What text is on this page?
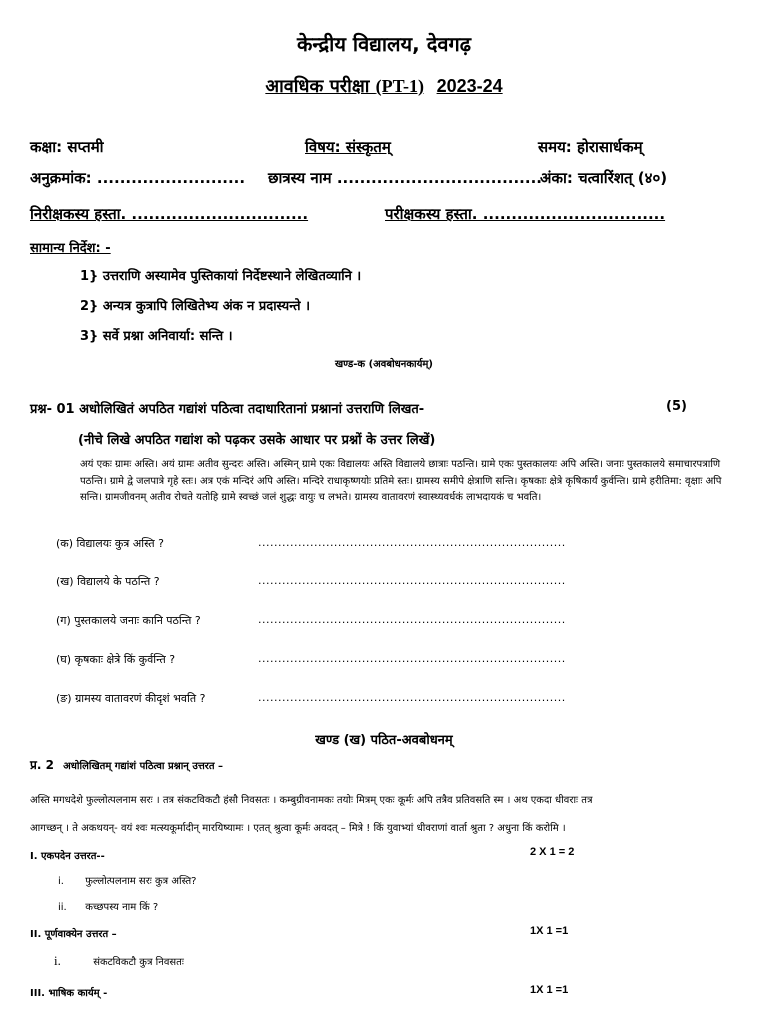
केन्द्रीय विद्यालय, देवगढ़
आवधिक परीक्षा (PT-1) 2023-24
कक्षा: सप्तमी	विषय: संस्कृतम्	समय: होरासार्धकम्
अनुक्रमांक: .......................... छात्रस्य नाम ....................................
अंका: चत्वारिंशत् (४०)
निरीक्षकस्य हस्ता. ...............................	परीक्षकस्य हस्ता. ................................
सामान्य निर्देश: -
1} उत्तराणि अस्यामेव पुस्तिकायां निर्देष्टस्थाने लेखितव्यानि ।
2} अन्यत्र कुत्रापि लिखितेभ्य अंक न प्रदास्यन्ते ।
3} सर्वे प्रश्ना अनिवार्या: सन्ति ।
खण्ड-क (अवबोधनकार्यम्)
प्रश्न- 01 अधोलिखितं अपठित गद्यांशं पठित्वा तदाधारितानां प्रश्नानां उत्तराणि लिखत-	(5)
(नीचे लिखे अपठित गद्यांश को पढ़कर उसके आधार पर प्रश्नों के उत्तर लिखें)
अयं एकः ग्रामः अस्ति। अयं ग्रामः अतीव सुन्दरः अस्ति। अस्मिन् ग्रामे एकः विद्यालयः अस्ति विद्यालये छात्राः पठन्ति। ग्रामे एकः पुस्तकालयः अपि अस्ति। जनाः पुस्तकालये समाचारपत्राणि पठन्ति। ग्रामे द्वे जलपात्रे गृहे स्तः। अत्र एकं मन्दिरं अपि अस्ति। मन्दिरे राधाकृष्णयोः प्रतिमे स्तः। ग्रामस्य समीपे क्षेत्राणि सन्ति। कृषकाः क्षेत्रे कृषिकार्यं कुर्वन्ति। ग्रामे हरीतिमा: वृक्षाः अपि सन्ति। ग्रामजीवनम् अतीव रोचते यतोहि ग्रामे स्वच्छं जलं शुद्धः वायुः च लभते। ग्रामस्य वातावरणं स्वास्थ्यवर्धकं लाभदायकं च भवति।
(क) विद्यालयः कुत्र अस्ति ?	.............................................................................
(ख) विद्यालये के पठन्ति ?	.............................................................................
(ग) पुस्तकालये जनाः कानि पठन्ति ?	.............................................................................
(घ) कृषकाः क्षेत्रे किं कुर्वन्ति ?	.............................................................................
(ङ) ग्रामस्य वातावरणं कीदृशं भवति ?	.............................................................................
खण्ड (ख) पठित-अवबोधनम्
प्र. 2 अधोलिखितम् गद्यांशं पठित्वा प्रश्नान् उत्तरत –
अस्ति मगधदेशे फुल्लोत्पलनाम सरः । तत्र संकटविकटौ हंसौ निवसतः । कम्बुग्रीवनामकः तयोः मित्रम् एकः कूर्मः अपि तत्रैव प्रतिवसति स्म । अथ एकदा धीवराः तत्र
आगच्छन् । ते अकथयन्- वयं श्वः मत्स्यकूर्मादीन् मारयिष्यामः । एतत् श्रुत्वा कूर्मः अवदत् – मित्रे ! किं युवाभ्यां धीवराणां वार्ता श्रुता ? अधुना किं करोमि ।
I. एकपदेन उत्तरत--	2 X 1 = 2
i. फुल्लोत्पलनाम सरः कुत्र अस्ति?
ii. कच्छपस्य नाम किं ?
II. पूर्णवाक्येन उत्तरत –	1X 1 =1
i.	संकटविकटौ कुत्र निवसतः
III. भाषिक कार्यम् -	1X 1 =1
